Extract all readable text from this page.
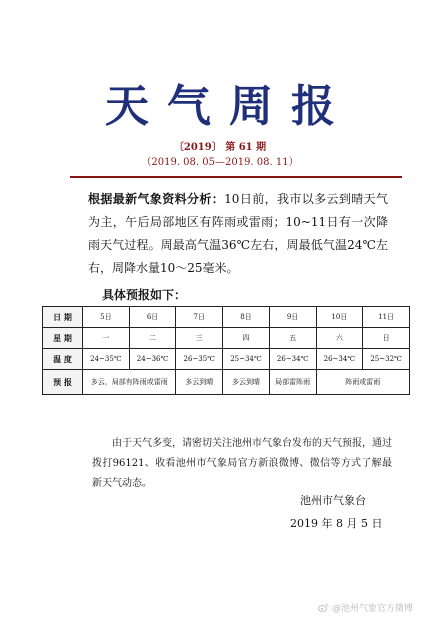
天气周报
〔2019〕 第 61 期
（2019. 08. 05—2019. 08. 11）
根据最新气象资料分析：10日前，我市以多云到晴天气为主，午后局部地区有阵雨或雷雨；10~11日有一次降雨天气过程。周最高气温36℃左右，周最低气温24℃左右，周降水量10～25毫米。
具体预报如下：
日 期	5日	6日	7日	8日	9日	10日	11日
星 期	一	二	三	四	五	六	日
温 度	24~35℃	24~36℃	26~35℃	25~34℃	26~34℃	26~34℃	25~32℃
预 报	多云，局部有阵雨或雷雨		多云到晴	多云到晴	局部雷阵雨	阵雨或雷雨	
由于天气多变，请密切关注池州市气象台发布的天气预报，通过拨打96121、收看池州市气象局官方新浪微博、微信等方式了解最新天气动态。
池州市气象台
2019 年 8 月 5 日
@池州气象官方微博
